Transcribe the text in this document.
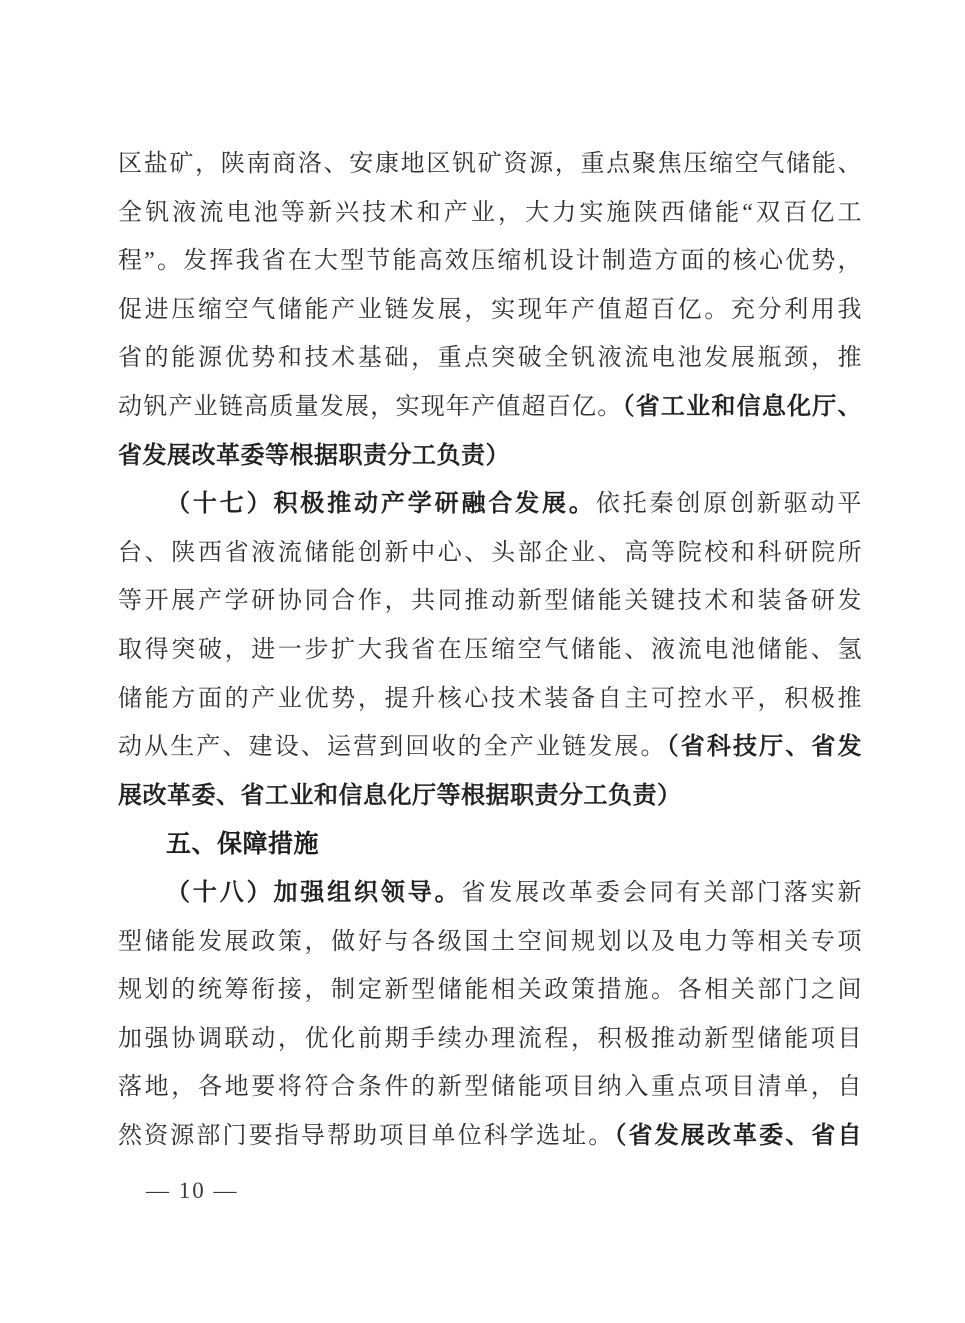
区盐矿，陕南商洛、安康地区钒矿资源，重点聚焦压缩空气储能、
全钒液流电池等新兴技术和产业，大力实施陕西储能“双百亿工
程”。发挥我省在大型节能高效压缩机设计制造方面的核心优势，
促进压缩空气储能产业链发展，实现年产值超百亿。充分利用我
省的能源优势和技术基础，重点突破全钒液流电池发展瓶颈，推
动钒产业链高质量发展，实现年产值超百亿。（省工业和信息化厅、
省发展改革委等根据职责分工负责）
（十七）积极推动产学研融合发展。依托秦创原创新驱动平
台、陕西省液流储能创新中心、头部企业、高等院校和科研院所
等开展产学研协同合作，共同推动新型储能关键技术和装备研发
取得突破，进一步扩大我省在压缩空气储能、液流电池储能、氢
储能方面的产业优势，提升核心技术装备自主可控水平，积极推
动从生产、建设、运营到回收的全产业链发展。（省科技厅、省发
展改革委、省工业和信息化厅等根据职责分工负责）
五、保障措施
（十八）加强组织领导。省发展改革委会同有关部门落实新
型储能发展政策，做好与各级国土空间规划以及电力等相关专项
规划的统筹衔接，制定新型储能相关政策措施。各相关部门之间
加强协调联动，优化前期手续办理流程，积极推动新型储能项目
落地，各地要将符合条件的新型储能项目纳入重点项目清单，自
然资源部门要指导帮助项目单位科学选址。（省发展改革委、省自
— 10 —
